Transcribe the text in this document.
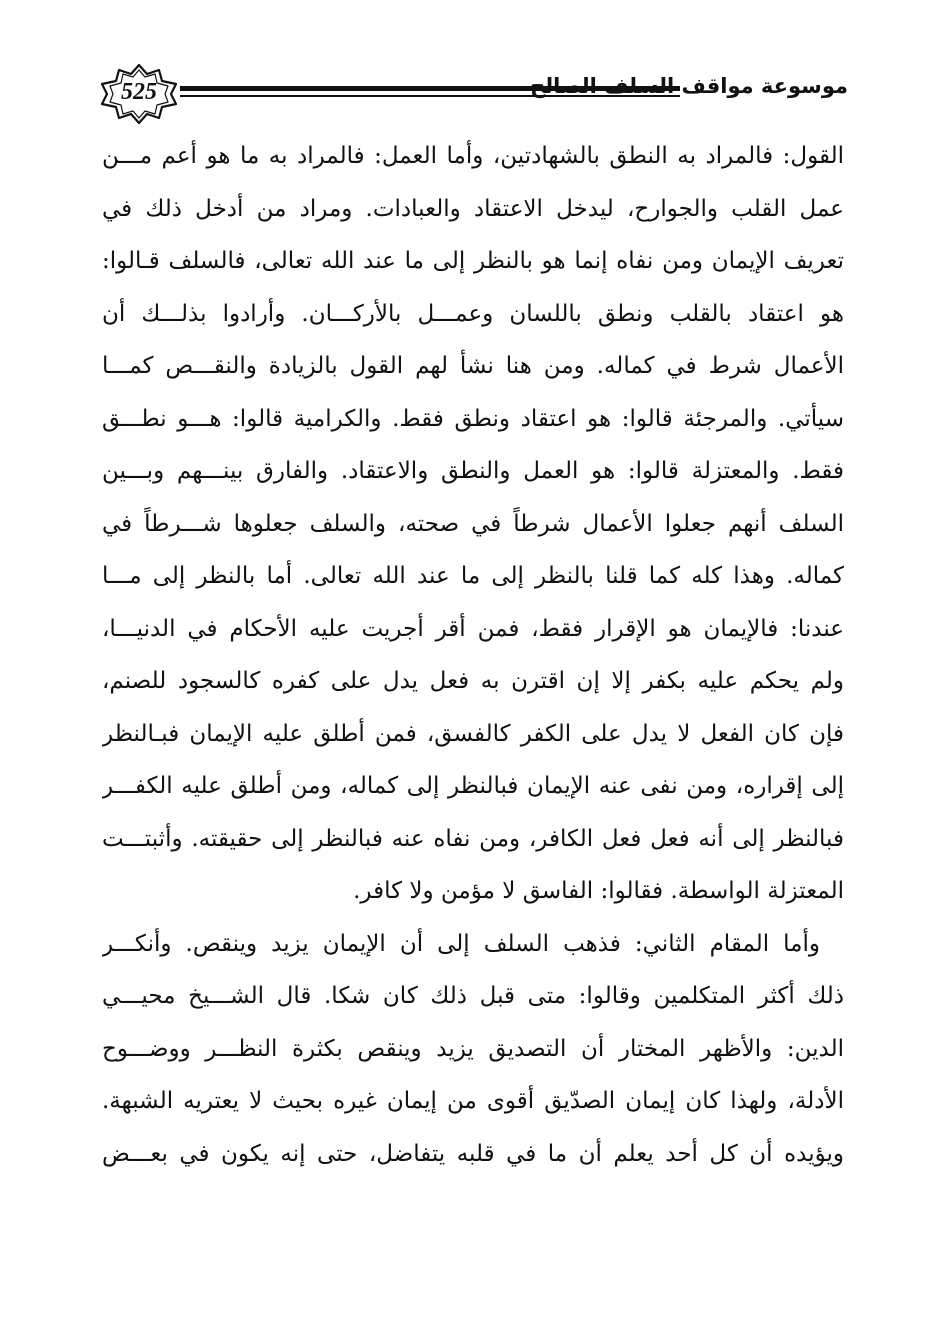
525	موسوعة مواقف السلف الصالح
القول: فالمراد به النطق بالشهادتين، وأما العمل: فالمراد به ما هو أعم مـــن
عمل القلب والجوارح، ليدخل الاعتقاد والعبادات. ومراد من أدخل ذلك في
تعريف الإيمان ومن نفاه إنما هو بالنظر إلى ما عند الله تعالى، فالسلف قـالوا:
هو اعتقاد بالقلب ونطق باللسان وعمـــل بالأركـــان. وأرادوا بذلـــك أن
الأعمال شرط في كماله. ومن هنا نشأ لهم القول بالزيادة والنقـــص كمـــا
سيأتي. والمرجئة قالوا: هو اعتقاد ونطق فقط. والكرامية قالوا: هـــو نطـــق
فقط. والمعتزلة قالوا: هو العمل والنطق والاعتقاد. والفارق بينـــهم وبـــين
السلف أنهم جعلوا الأعمال شرطاً في صحته، والسلف جعلوها شـــرطاً في
كماله. وهذا كله كما قلنا بالنظر إلى ما عند الله تعالى. أما بالنظر إلى مـــا
عندنا: فالإيمان هو الإقرار فقط، فمن أقر أجريت عليه الأحكام في الدنيـــا،
ولم يحكم عليه بكفر إلا إن اقترن به فعل يدل على كفره كالسجود للصنم،
فإن كان الفعل لا يدل على الكفر كالفسق، فمن أطلق عليه الإيمان فبـالنظر
إلى إقراره، ومن نفى عنه الإيمان فبالنظر إلى كماله، ومن أطلق عليه الكفـــر
فبالنظر إلى أنه فعل فعل الكافر، ومن نفاه عنه فبالنظر إلى حقيقته. وأثبتـــت
المعتزلة الواسطة. فقالوا: الفاسق لا مؤمن ولا كافر.
وأما المقام الثاني: فذهب السلف إلى أن الإيمان يزيد وينقص. وأنكـــر
ذلك أكثر المتكلمين وقالوا: متى قبل ذلك كان شكا. قال الشـــيخ محيـــي
الدين: والأظهر المختار أن التصديق يزيد وينقص بكثرة النظـــر ووضـــوح
الأدلة، ولهذا كان إيمان الصدّيق أقوى من إيمان غيره بحيث لا يعتريه الشبهة.
ويؤيده أن كل أحد يعلم أن ما في قلبه يتفاضل، حتى إنه يكون في بعـــض
